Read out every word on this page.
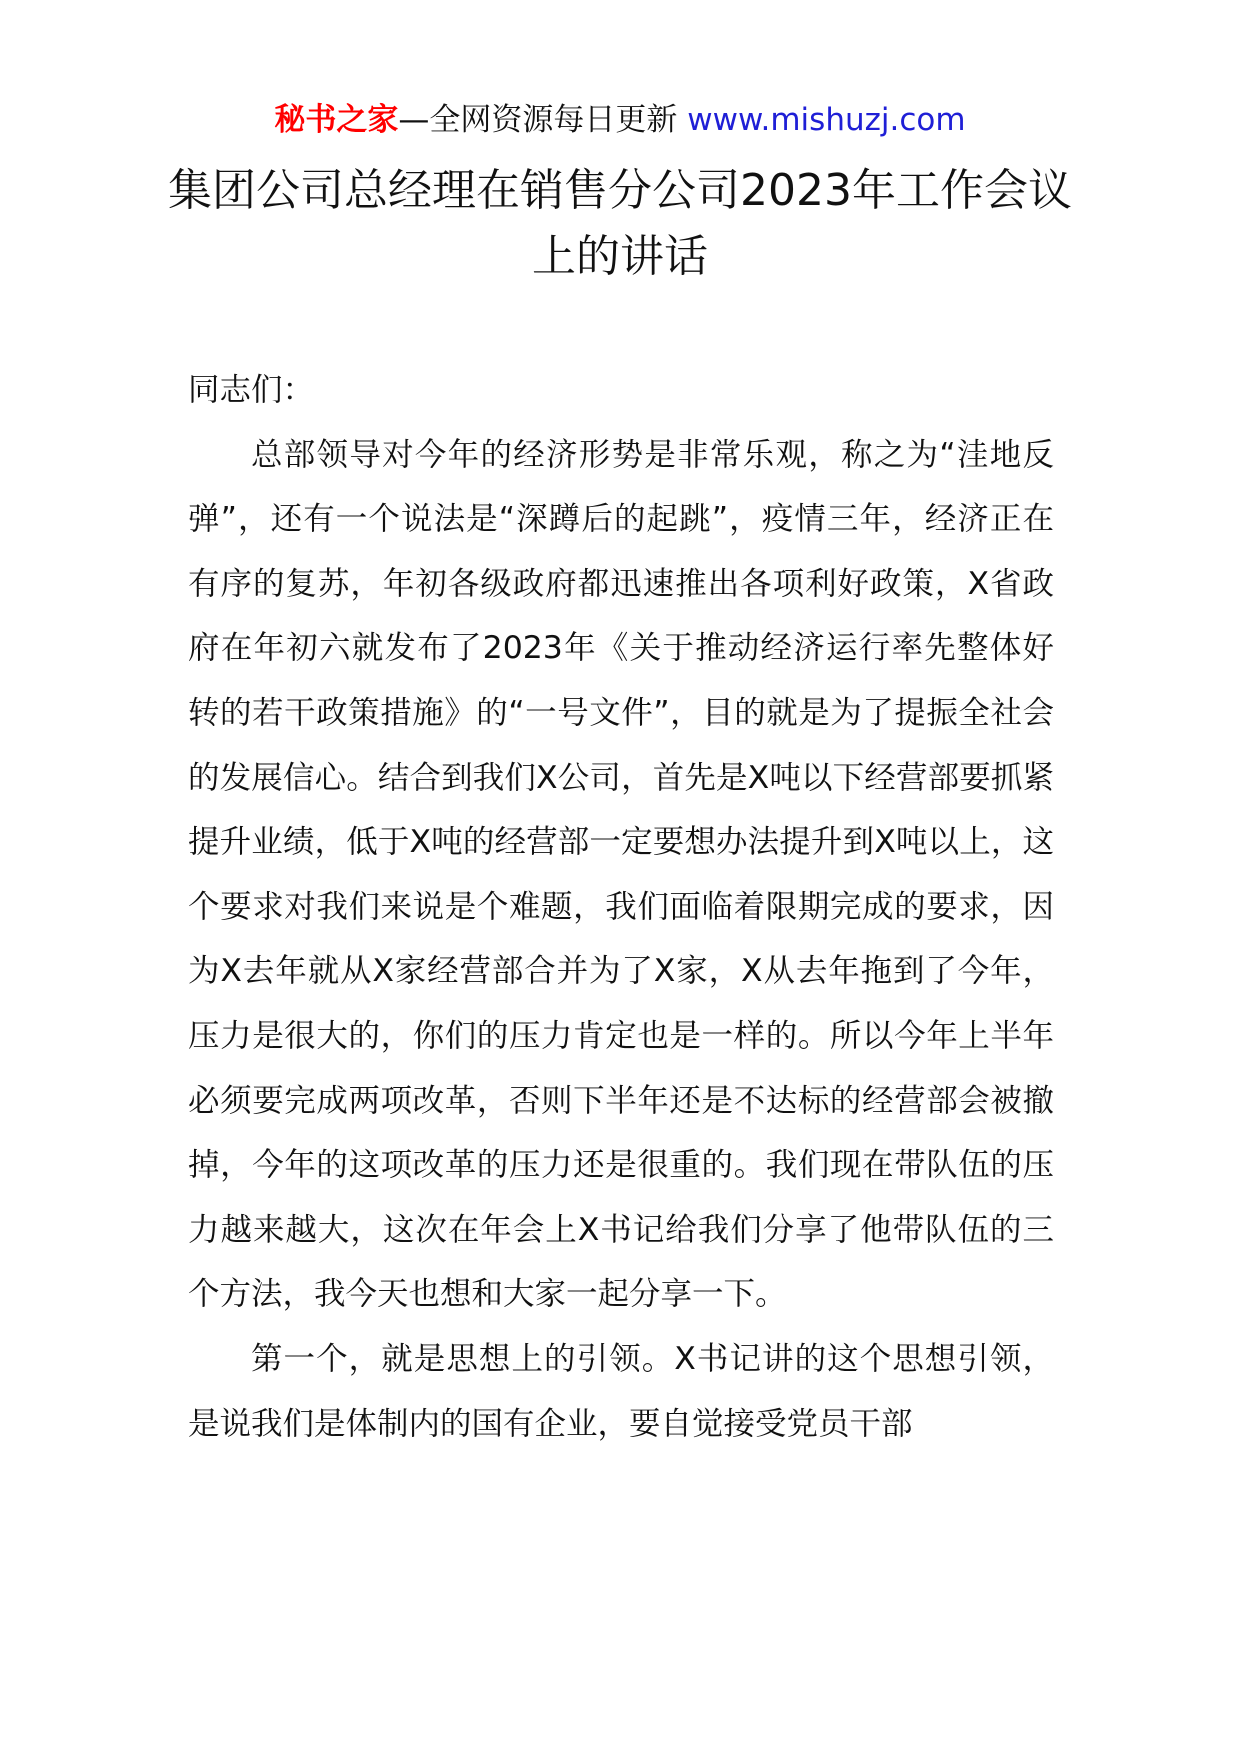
秘书之家—全网资源每日更新 www.mishuzj.com
集团公司总经理在销售分公司2023年工作会议上的讲话

同志们：

总部领导对今年的经济形势是非常乐观，称之为“洼地反弹”，还有一个说法是“深蹲后的起跳”，疫情三年，经济正在有序的复苏，年初各级政府都迅速推出各项利好政策，X省政府在年初六就发布了2023年《关于推动经济运行率先整体好转的若干政策措施》的“一号文件”，目的就是为了提振全社会的发展信心。结合到我们X公司，首先是X吨以下经营部要抓紧提升业绩，低于X吨的经营部一定要想办法提升到X吨以上，这个要求对我们来说是个难题，我们面临着限期完成的要求，因为X去年就从X家经营部合并为了X家，X从去年拖到了今年，压力是很大的，你们的压力肯定也是一样的。所以今年上半年必须要完成两项改革，否则下半年还是不达标的经营部会被撤掉，今年的这项改革的压力还是很重的。我们现在带队伍的压力越来越大，这次在年会上X书记给我们分享了他带队伍的三个方法，我今天也想和大家一起分享一下。

第一个，就是思想上的引领。X书记讲的这个思想引领，是说我们是体制内的国有企业，要自觉接受党员干部
